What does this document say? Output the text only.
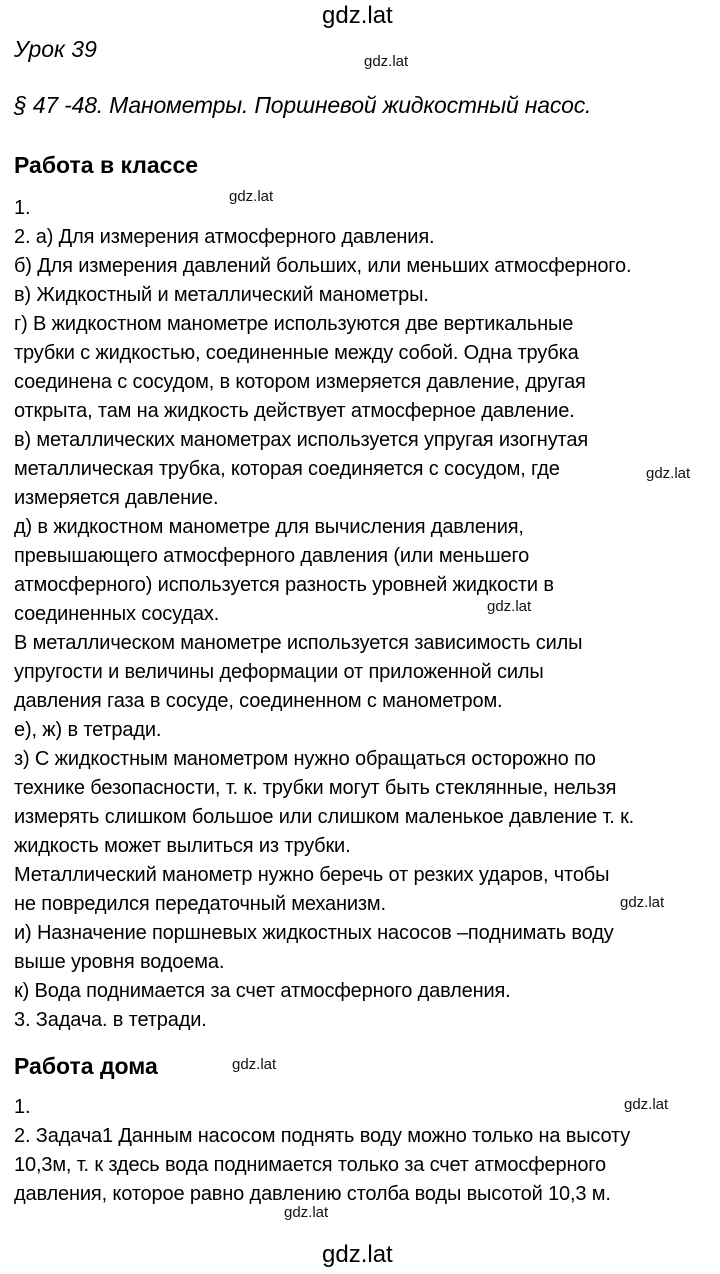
gdz.lat
Урок 39	gdz.lat
§ 47 -48. Манометры. Поршневой жидкостный насос.
Работа в классе
gdz.lat
1.
2. а) Для измерения атмосферного давления.
б) Для измерения давлений больших, или меньших атмосферного.
в) Жидкостный и металлический манометры.
г) В жидкостном манометре используются две вертикальные
трубки с жидкостью, соединенные между собой. Одна трубка
соединена с сосудом, в котором измеряется давление, другая
открыта, там на жидкость действует атмосферное давление.
в) металлических манометрах используется упругая изогнутая
металлическая трубка, которая соединяется с сосудом, где
измеряется давление.
д) в жидкостном манометре для вычисления давления,
превышающего атмосферного давления (или меньшего
атмосферного) используется разность уровней жидкости в
соединенных сосудах.
В металлическом манометре используется зависимость силы
упругости и величины деформации от приложенной силы
давления газа в сосуде, соединенном с манометром.
е), ж) в тетради.
з) С жидкостным манометром нужно обращаться осторожно по
технике безопасности, т. к. трубки могут быть стеклянные, нельзя
измерять слишком большое или слишком маленькое давление т. к.
жидкость может вылиться из трубки.
Металлический манометр нужно беречь от резких ударов, чтобы
не повредился передаточный механизм.
и) Назначение поршневых жидкостных насосов –поднимать воду
выше уровня водоема.
к) Вода поднимается за счет атмосферного давления.
3. Задача. в тетради.
gdz.lat
gdz.lat
gdz.lat
Работа дома	gdz.lat
gdz.lat
1.
2. Задача1 Данным насосом поднять воду можно только на высоту
10,3м, т. к здесь вода поднимается только за счет атмосферного
давления, которое равно давлению столба воды высотой 10,3 м.
gdz.lat
gdz.lat
